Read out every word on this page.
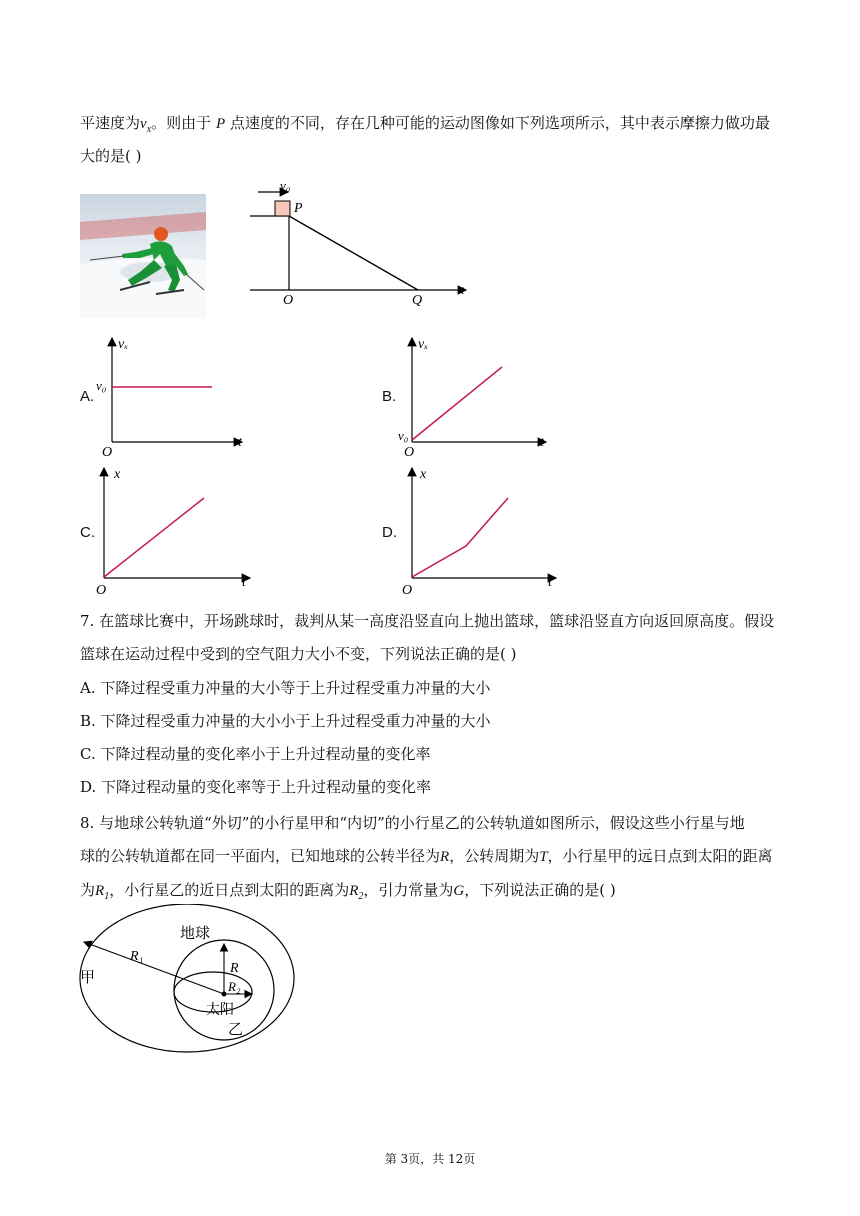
平速度为$v_x$。则由于 P 点速度的不同，存在几种可能的运动图像如下列选项所示，其中表示摩擦力做功最
大的是( )
v₀
P
O	Q
x
A.
vₓ
t
O
v₀
B.
vₓ
t
O
v₀
C.
x
t
O
D.
x
t
O
7. 在篮球比赛中，开场跳球时，裁判从某一高度沿竖直向上抛出篮球，篮球沿竖直方向返回原高度。假设
篮球在运动过程中受到的空气阻力大小不变，下列说法正确的是( )
A. 下降过程受重力冲量的大小等于上升过程受重力冲量的大小
B. 下降过程受重力冲量的大小小于上升过程受重力冲量的大小
C. 下降过程动量的变化率小于上升过程动量的变化率
D. 下降过程动量的变化率等于上升过程动量的变化率
8. 与地球公转轨道“外切”的小行星甲和“内切”的小行星乙的公转轨道如图所示，假设这些小行星与地
球的公转轨道都在同一平面内，已知地球的公转半径为R，公转周期为T，小行星甲的远日点到太阳的距离
为$R_1$，小行星乙的近日点到太阳的距离为$R_2$，引力常量为G，下列说法正确的是( )
地球
甲
乙
太阳
R
R₁
R₂
第 3页，共 12页
